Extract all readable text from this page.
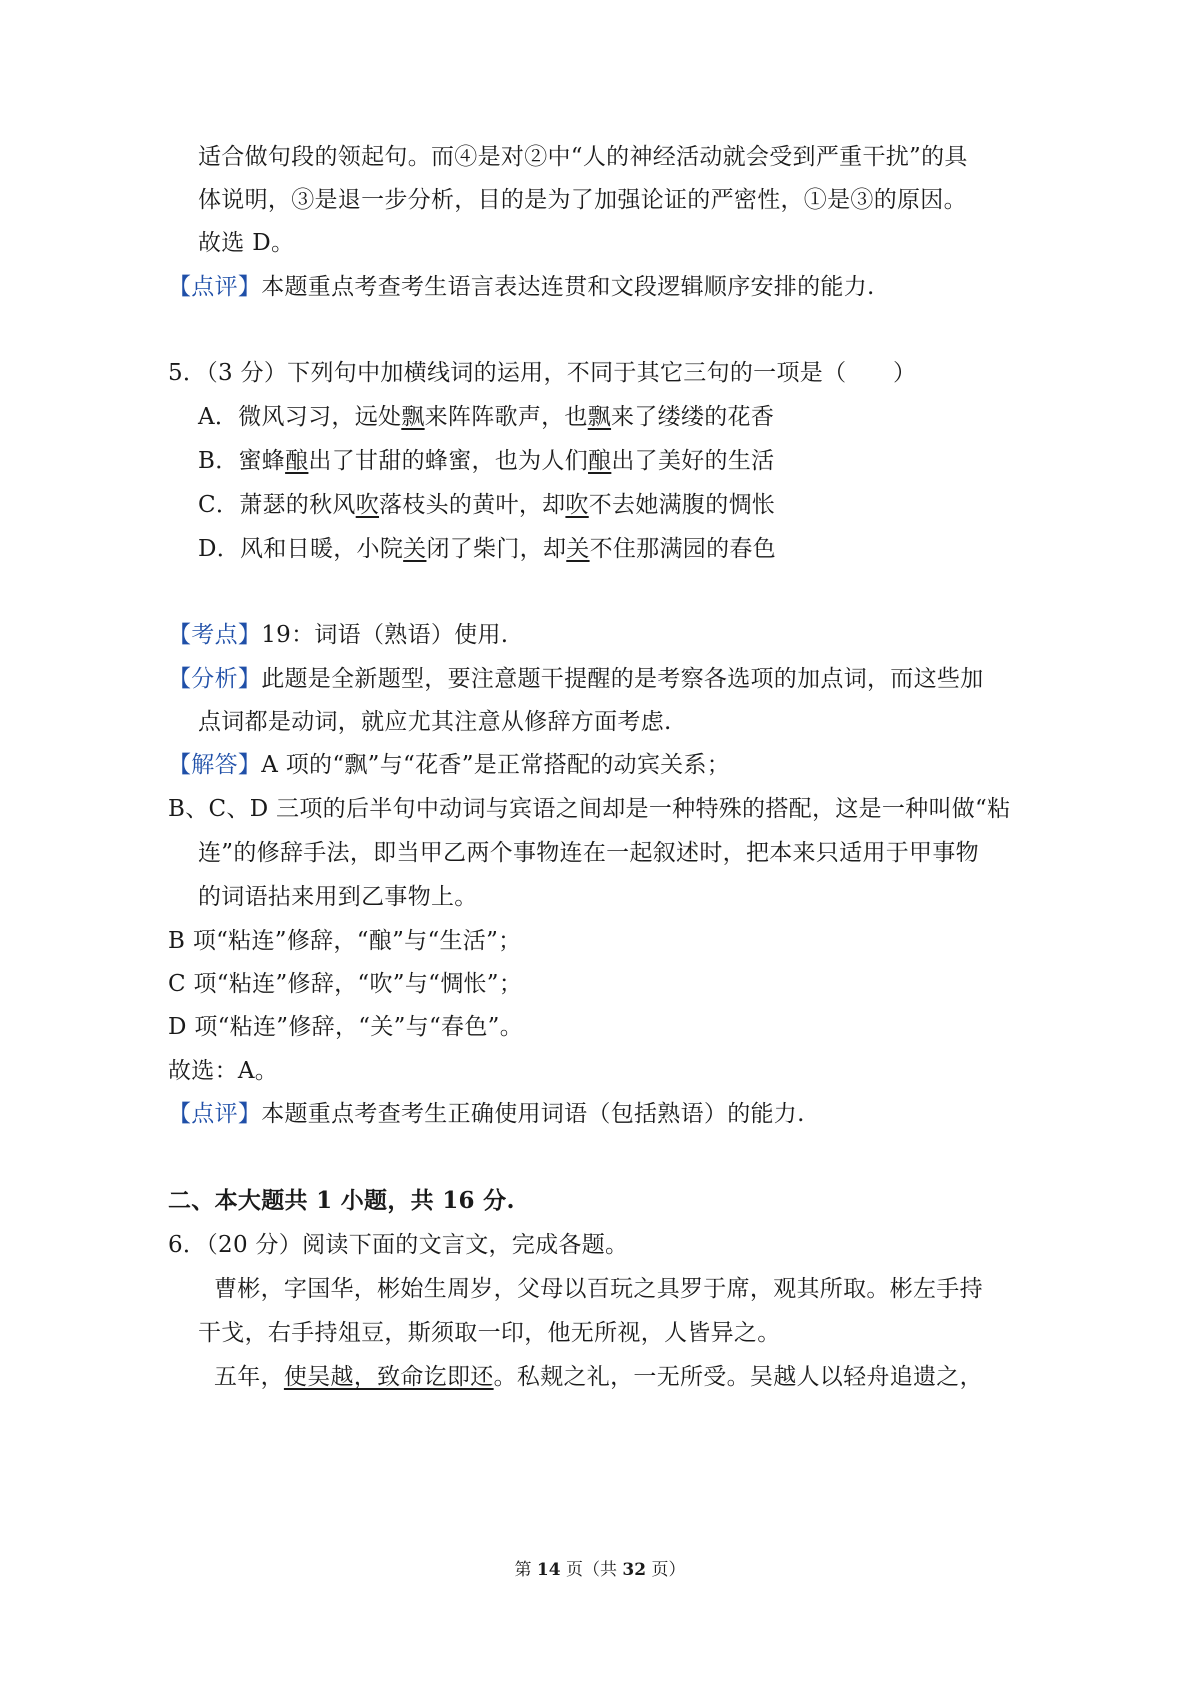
适合做句段的领起句。而④是对②中“人的神经活动就会受到严重干扰”的具
体说明，③是退一步分析，目的是为了加强论证的严密性，①是③的原因。
故选 D。
【点评】本题重点考查考生语言表达连贯和文段逻辑顺序安排的能力.
5．（3 分）下列句中加横线词的运用，不同于其它三句的一项是（　　）
A．微风习习，远处飘来阵阵歌声，也飘来了缕缕的花香
B．蜜蜂酿出了甘甜的蜂蜜，也为人们酿出了美好的生活
C．萧瑟的秋风吹落枝头的黄叶，却吹不去她满腹的惆怅
D．风和日暖，小院关闭了柴门，却关不住那满园的春色
【考点】19：词语（熟语）使用.
【分析】此题是全新题型，要注意题干提醒的是考察各选项的加点词，而这些加
点词都是动词，就应尤其注意从修辞方面考虑.
【解答】A 项的“飘”与“花香”是正常搭配的动宾关系；
B、C、D 三项的后半句中动词与宾语之间却是一种特殊的搭配，这是一种叫做“粘
连”的修辞手法，即当甲乙两个事物连在一起叙述时，把本来只适用于甲事物
的词语拈来用到乙事物上。
B 项“粘连”修辞，“酿”与“生活”；
C 项“粘连”修辞，“吹”与“惆怅”；
D 项“粘连”修辞，“关”与“春色”。
故选：A。
【点评】本题重点考查考生正确使用词语（包括熟语）的能力.
二、本大题共 1 小题，共 16 分.
6．（20 分）阅读下面的文言文，完成各题。
曹彬，字国华，彬始生周岁，父母以百玩之具罗于席，观其所取。彬左手持
干戈，右手持俎豆，斯须取一印，他无所视，人皆异之。
五年，使吴越，致命讫即还。私觌之礼，一无所受。吴越人以轻舟追遗之，
第 14 页（共 32 页）
